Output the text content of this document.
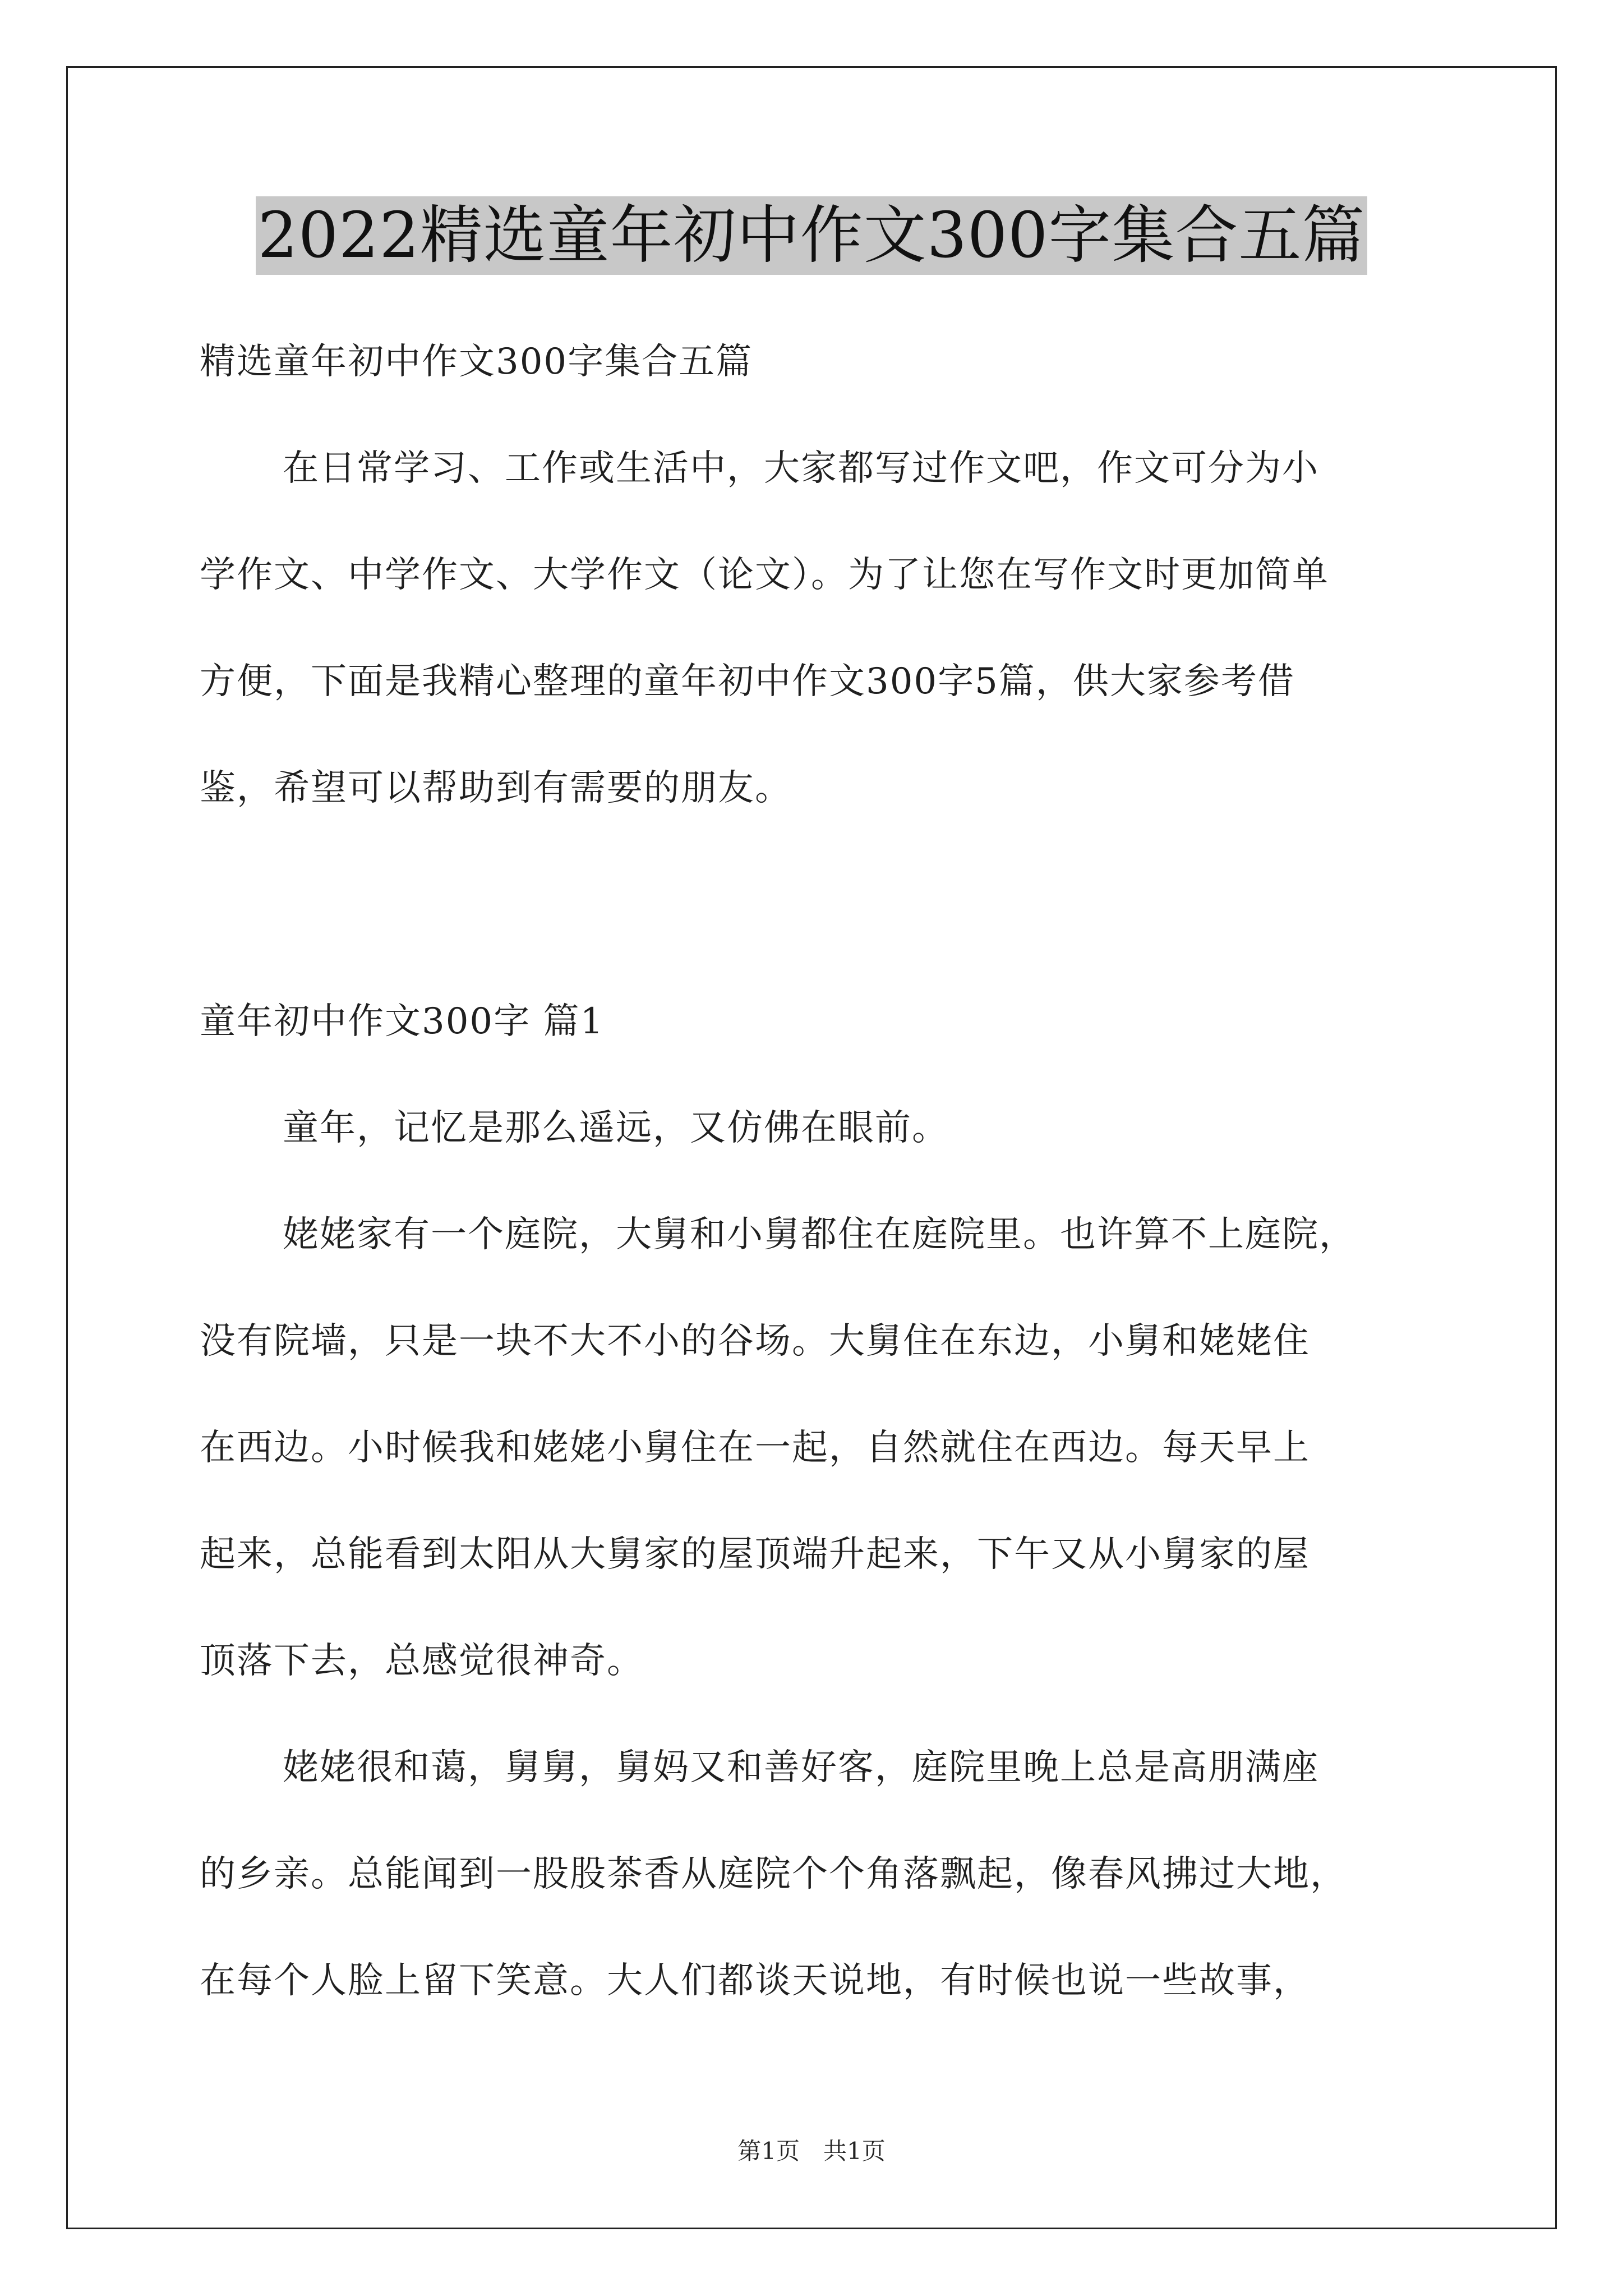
2022精选童年初中作文300字集合五篇
精选童年初中作文300字集合五篇
在日常学习、工作或生活中，大家都写过作文吧，作文可分为小
学作文、中学作文、大学作文（论文）。为了让您在写作文时更加简单
方便，下面是我精心整理的童年初中作文300字5篇，供大家参考借
鉴，希望可以帮助到有需要的朋友。
童年初中作文300字 篇1
童年，记忆是那么遥远，又仿佛在眼前。
姥姥家有一个庭院，大舅和小舅都住在庭院里。也许算不上庭院，
没有院墙，只是一块不大不小的谷场。大舅住在东边，小舅和姥姥住
在西边。小时候我和姥姥小舅住在一起，自然就住在西边。每天早上
起来，总能看到太阳从大舅家的屋顶端升起来，下午又从小舅家的屋
顶落下去，总感觉很神奇。
姥姥很和蔼，舅舅，舅妈又和善好客，庭院里晚上总是高朋满座
的乡亲。总能闻到一股股茶香从庭院个个角落飘起，像春风拂过大地，
在每个人脸上留下笑意。大人们都谈天说地，有时候也说一些故事，
第1页　共1页
